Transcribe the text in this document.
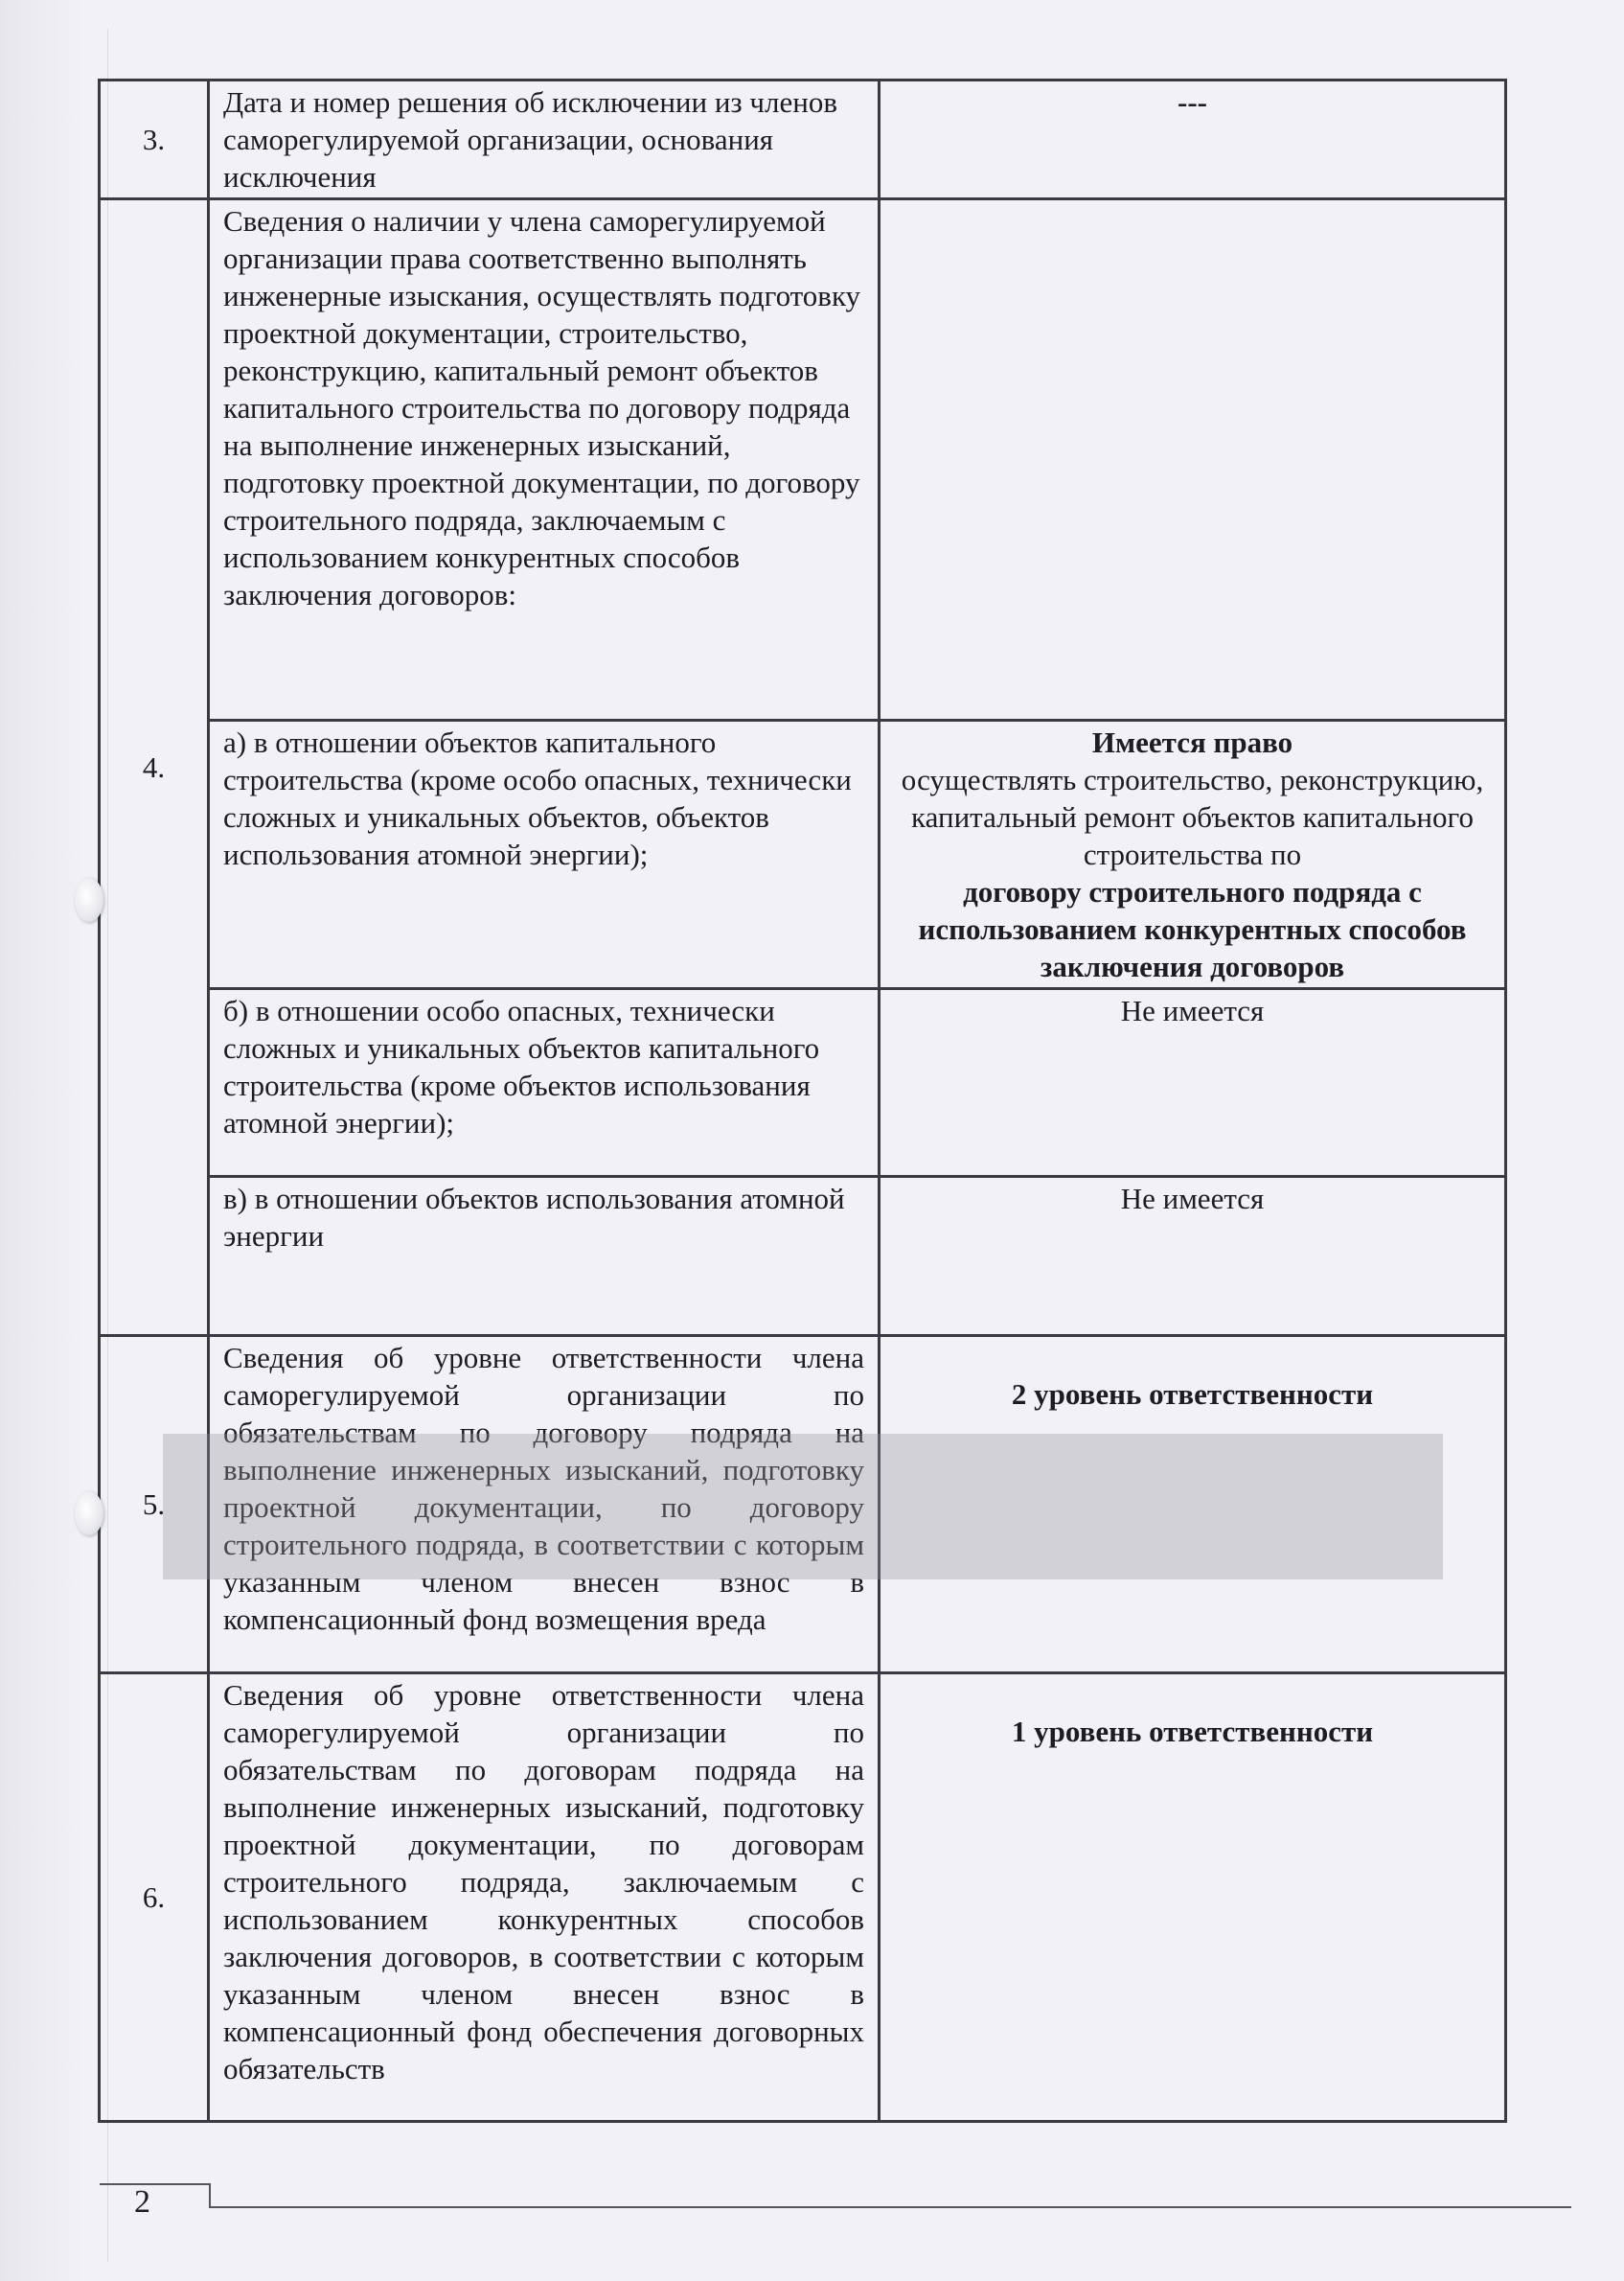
3.	Дата и номер решения об исключении из членов саморегулируемой организации, основания исключения	---
4.	Сведения о наличии у члена саморегулируемой организации права соответственно выполнять инженерные изыскания, осуществлять подготовку проектной документации, строительство, реконструкцию, капитальный ремонт объектов капитального строительства по договору подряда на выполнение инженерных изысканий, подготовку проектной документации, по договору строительного подряда, заключаемым с использованием конкурентных способов заключения договоров:	
	а) в отношении объектов капитального строительства (кроме особо опасных, технически сложных и уникальных объектов, объектов использования атомной энергии);	Имеется право
осуществлять строительство, реконструкцию, капитальный ремонт объектов капитального строительства по
договору строительного подряда с использованием конкурентных способов заключения договоров

	б) в отношении особо опасных, технически сложных и уникальных объектов капитального строительства (кроме объектов использования атомной энергии);	Не имеется
	в) в отношении объектов использования атомной энергии	Не имеется
5.	Сведения об уровне ответственности члена саморегулируемой организации по обязательствам по договору подряда на выполнение инженерных изысканий, подготовку проектной документации, по договору строительного подряда, в соответствии с которым указанным членом внесен взнос в компенсационный фонд возмещения вреда	2 уровень ответственности
6.	Сведения об уровне ответственности члена саморегулируемой организации по обязательствам по договорам подряда на выполнение инженерных изысканий, подготовку проектной документации, по договорам строительного подряда, заключаемым с использованием конкурентных способов заключения договоров, в соответствии с которым указанным членом внесен взнос в компенсационный фонд обеспечения договорных обязательств	1 уровень ответственности
2
